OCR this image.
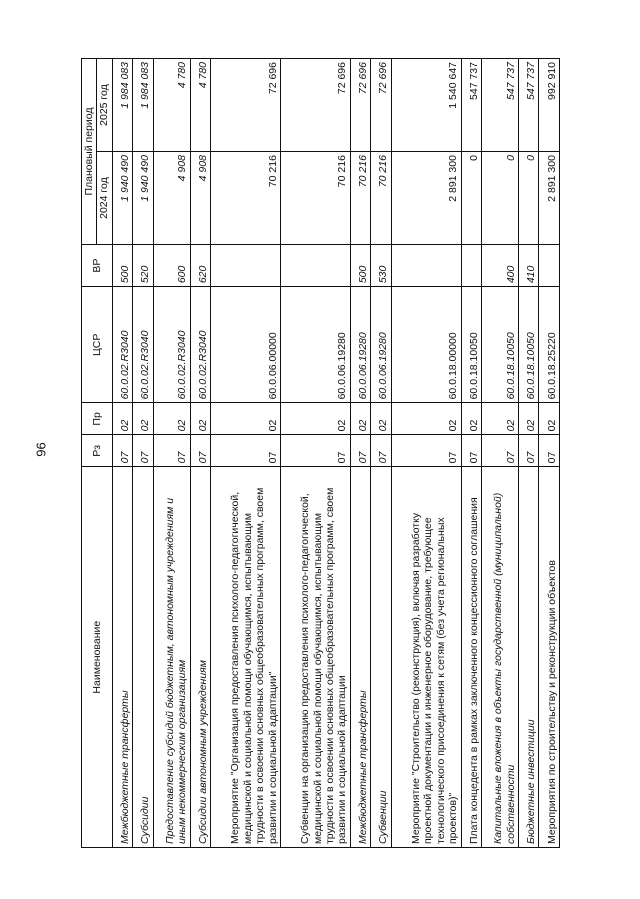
96
Наименование	Рз	Пр	ЦСР	ВР	Плановый период	
					2024 год	2025 год
Межбюджетные трансферты	07	02	60.0.02.R3040	500	1 940 490	1 984 083
Субсидии	07	02	60.0.02.R3040	520	1 940 490	1 984 083
Предоставление субсидий бюджетным, автономным учреждениям и иным некоммерческим организациям	07	02	60.0.02.R3040	600	4 908	4 780
Субсидии автономным учреждениям	07	02	60.0.02.R3040	620	4 908	4 780
Мероприятие "Организация предоставления психолого-педагогической, медицинской и социальной помощи обучающимся, испытывающим трудности в освоении основных общеобразовательных программ, своем развитии и социальной адаптации"	07	02	60.0.06.00000		70 216	72 696
Субвенции на организацию предоставления психолого-педагогической, медицинской и социальной помощи обучающимся, испытывающим трудности в освоении основных общеобразовательных программ, своем развитии и социальной адаптации	07	02	60.0.06.19280		70 216	72 696
Межбюджетные трансферты	07	02	60.0.06.19280	500	70 216	72 696
Субвенции	07	02	60.0.06.19280	530	70 216	72 696
Мероприятие "Строительство (реконструкция), включая разработку проектной документации и инженерное оборудование, требующее технологического присоединения к сетям (без учета региональных проектов)"	07	02	60.0.18.00000		2 891 300	1 540 647
Плата концедента в рамках заключенного концессионного соглашения	07	02	60.0.18.10050		0	547 737
Капитальные вложения в объекты государственной (муниципальной) собственности	07	02	60.0.18.10050	400	0	547 737
Бюджетные инвестиции	07	02	60.0.18.10050	410	0	547 737
Мероприятия по строительству и реконструкции объектов	07	02	60.0.18.25220		2 891 300	992 910
